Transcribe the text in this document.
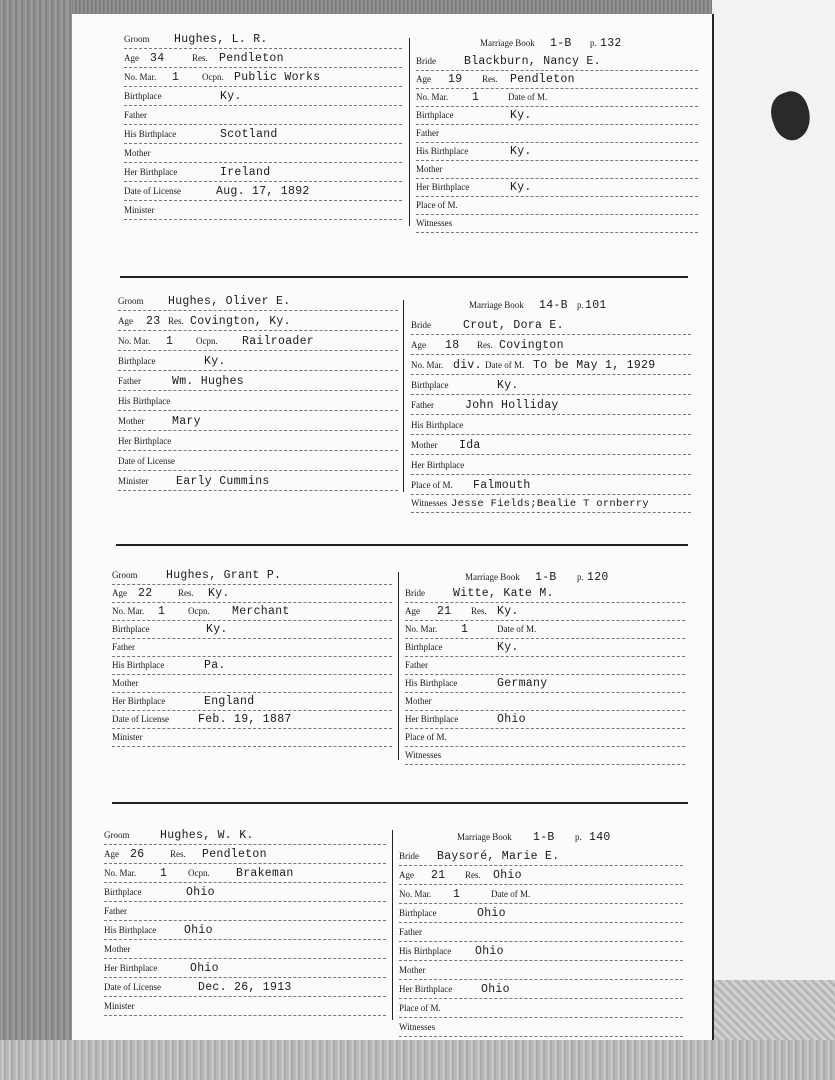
Groom Hughes, L. R.
Age 34	Res. Pendleton
No. Mar. 1	Ocpn. Public Works
Birthplace	Ky.
Father
His Birthplace	Scotland
Mother
Her Birthplace	Ireland
Date of License	Aug. 17, 1892
Minister
Marriage Book 1-B p. 132
Bride Blackburn, Nancy E.
Age 19 Res. Pendleton
No. Mar. 1	Date of M.
Birthplace	Ky.
Father
His Birthplace	Ky.
Mother
Her Birthplace	Ky.
Place of M.
Witnesses
Groom Hughes, Oliver E.
Age 23 Res. Covington, Ky.
No. Mar. 1	Ocpn. Railroader
Birthplace	Ky.
Father	Wm. Hughes
His Birthplace
Mother Mary
Her Birthplace
Date of License
Minister Early Cummins
Marriage Book 14-B p. 101
Bride	Crout, Dora E.
Age 18 Res. Covington
No. Mar. div. Date of M. To be May 1, 1929
Birthplace	Ky.
Father	John Holliday
His Birthplace
Mother Ida
Her Birthplace
Place of M. Falmouth
Witnesses Jesse Fields;Bealie T ornberry
Groom Hughes, Grant P.
Age 22	Res. Ky.
No. Mar. 1	Ocpn. Merchant
Birthplace	Ky.
Father
His Birthplace	Pa.
Mother
Her Birthplace	England
Date of License	Feb. 19, 1887
Minister
Marriage Book 1-B p. 120
Bride Witte, Kate M.
Age 21 Res. Ky.
No. Mar. 1	Date of M.
Birthplace	Ky.
Father
His Birthplace	Germany
Mother
Her Birthplace	Ohio
Place of M.
Witnesses
Groom	Hughes, W. K.
Age 26	Res. Pendleton
No. Mar. 1 Ocpn. Brakeman
Birthplace	Ohio
Father
His Birthplace Ohio
Mother
Her Birthplace	Ohio
Date of License	Dec. 26, 1913
Minister
Marriage Book 1-B p. 140
Bride Baysoré, Marie E.
Age 21 Res. Ohio
No. Mar. 1	Date of M.
Birthplace	Ohio
Father
His Birthplace Ohio
Mother
Her Birthplace	Ohio
Place of M.
Witnesses
